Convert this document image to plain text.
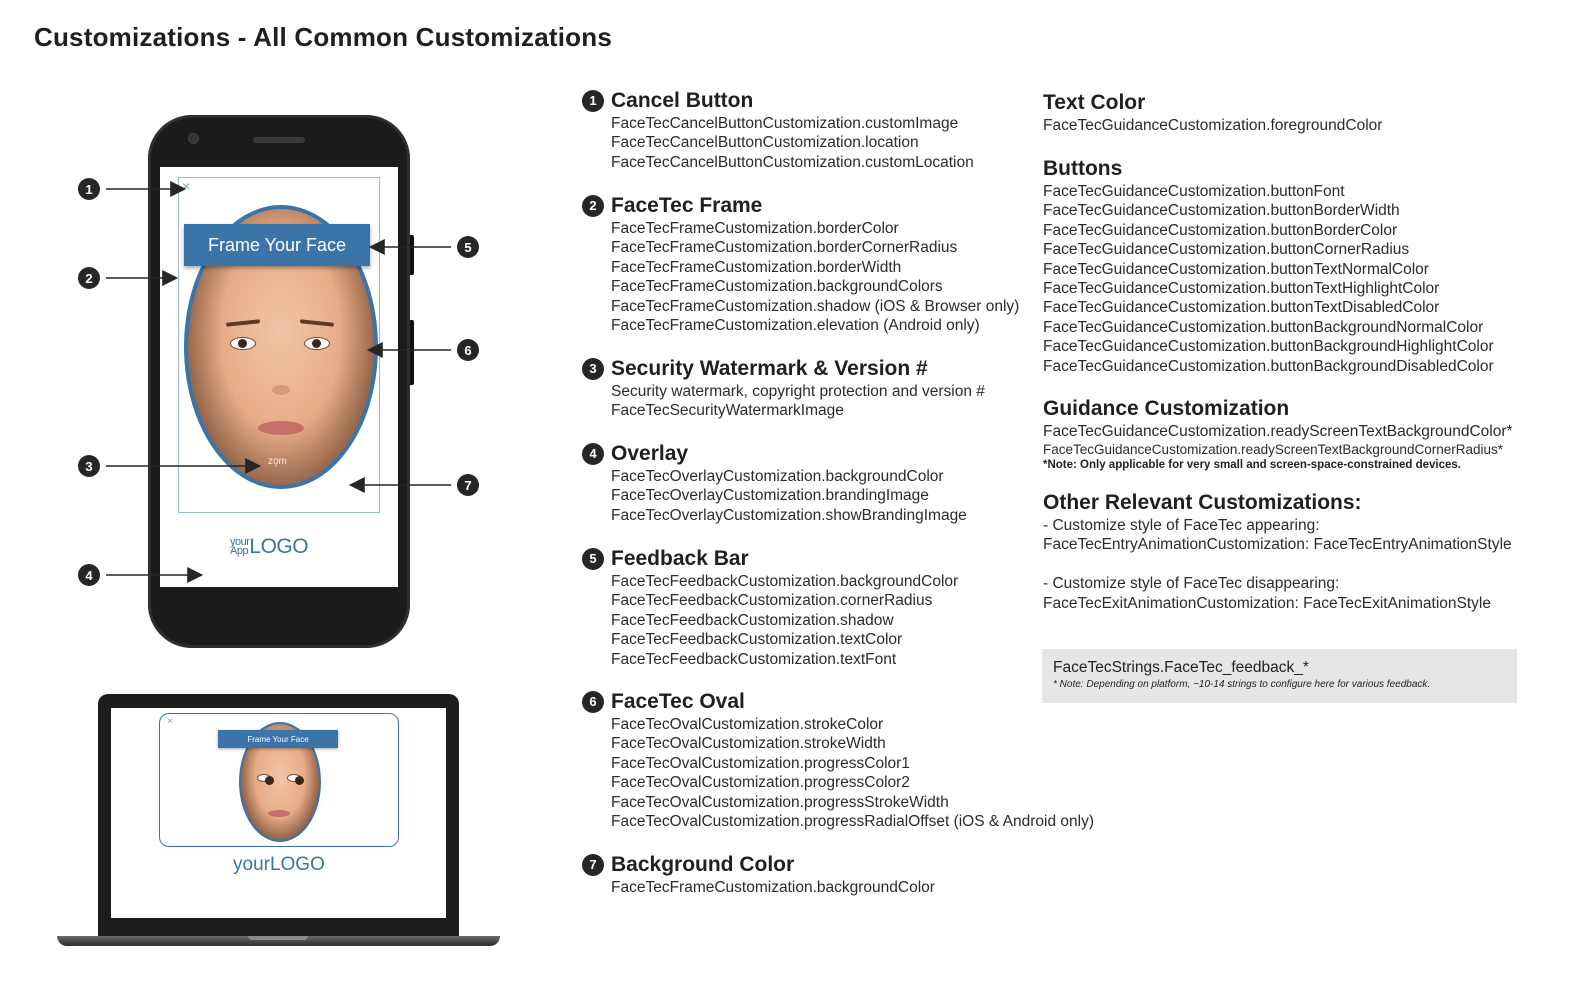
Customizations - All Common Customizations
×
zo̥m
Frame Your Face
your
AppLOGO
1
2
3
4
5
6
7
×
Frame Your Face
yourLOGO
1 Cancel Button
FaceTecCancelButtonCustomization.customImage
FaceTecCancelButtonCustomization.location
FaceTecCancelButtonCustomization.customLocation
2 FaceTec Frame
FaceTecFrameCustomization.borderColor
FaceTecFrameCustomization.borderCornerRadius
FaceTecFrameCustomization.borderWidth
FaceTecFrameCustomization.backgroundColors
FaceTecFrameCustomization.shadow (iOS & Browser only)
FaceTecFrameCustomization.elevation (Android only)
3 Security Watermark & Version #
Security watermark, copyright protection and version #
FaceTecSecurityWatermarkImage
4 Overlay
FaceTecOverlayCustomization.backgroundColor
FaceTecOverlayCustomization.brandingImage
FaceTecOverlayCustomization.showBrandingImage
5 Feedback Bar
FaceTecFeedbackCustomization.backgroundColor
FaceTecFeedbackCustomization.cornerRadius
FaceTecFeedbackCustomization.shadow
FaceTecFeedbackCustomization.textColor
FaceTecFeedbackCustomization.textFont
6 FaceTec Oval
FaceTecOvalCustomization.strokeColor
FaceTecOvalCustomization.strokeWidth
FaceTecOvalCustomization.progressColor1
FaceTecOvalCustomization.progressColor2
FaceTecOvalCustomization.progressStrokeWidth
FaceTecOvalCustomization.progressRadialOffset (iOS & Android only)
7 Background Color
FaceTecFrameCustomization.backgroundColor
Text Color
FaceTecGuidanceCustomization.foregroundColor
Buttons
FaceTecGuidanceCustomization.buttonFont
FaceTecGuidanceCustomization.buttonBorderWidth
FaceTecGuidanceCustomization.buttonBorderColor
FaceTecGuidanceCustomization.buttonCornerRadius
FaceTecGuidanceCustomization.buttonTextNormalColor
FaceTecGuidanceCustomization.buttonTextHighlightColor
FaceTecGuidanceCustomization.buttonTextDisabledColor
FaceTecGuidanceCustomization.buttonBackgroundNormalColor
FaceTecGuidanceCustomization.buttonBackgroundHighlightColor
FaceTecGuidanceCustomization.buttonBackgroundDisabledColor
Guidance Customization
FaceTecGuidanceCustomization.readyScreenTextBackgroundColor*
FaceTecGuidanceCustomization.readyScreenTextBackgroundCornerRadius*
*Note: Only applicable for very small and screen-space-constrained devices.
Other Relevant Customizations:
- Customize style of FaceTec appearing:
FaceTecEntryAnimationCustomization: FaceTecEntryAnimationStyle

- Customize style of FaceTec disappearing:
FaceTecExitAnimationCustomization: FaceTecExitAnimationStyle
FaceTecStrings.FaceTec_feedback_*
* Note: Depending on platform, ~10-14 strings to configure here for various feedback.
